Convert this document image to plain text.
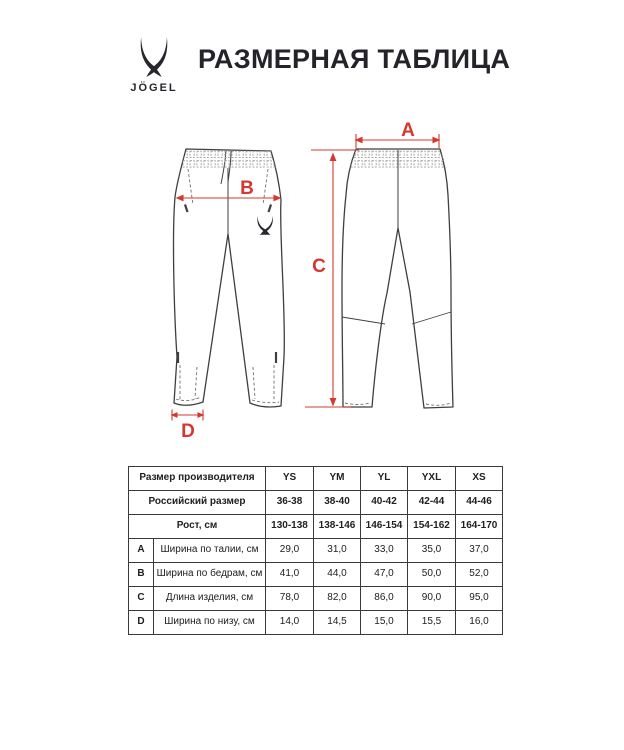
JÖGEL
РАЗМЕРНАЯ ТАБЛИЦА
A
B
C
D
Размер производителя		YS	YM	YL	YXL	XS
Российский размер		36-38	38-40	40-42	42-44	44-46
Рост, см		130-138	138-146	146-154	154-162	164-170
A	Ширина по талии, см	29,0	31,0	33,0	35,0	37,0
B	Ширина по бедрам, см	41,0	44,0	47,0	50,0	52,0
C	Длина изделия, см	78,0	82,0	86,0	90,0	95,0
D	Ширина по низу, см	14,0	14,5	15,0	15,5	16,0
